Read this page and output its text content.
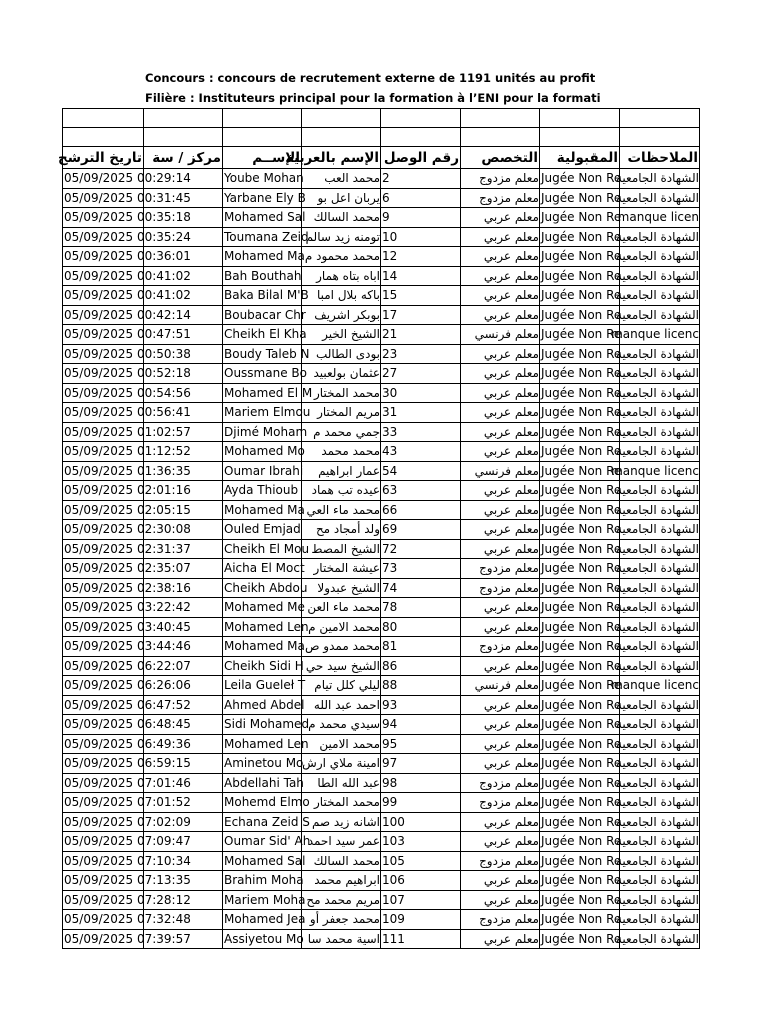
Concours : concours de recrutement externe de 1191 unités au profit
Filière : Instituteurs principal pour la formation à l’ENI pour la formati

تاريخ الترشح	مركز / سة	الإســم	الإسم بالعربية	رقم الوصل	التخصص	المقبولية	الملاحظات
05/09/2025 00:29:14		Yoube Mohan	محمد العب	2	معلم مزدوج	Jugée Non Re	الشهادة الجامعية
05/09/2025 00:31:45		Yarbane Ely B	يربان اعل بو	6	معلم مزدوج	Jugée Non Re	الشهادة الجامعية
05/09/2025 00:35:18		Mohamed Sal	محمد السالك	9	معلم عربي	Jugée Non Re	manque licen
05/09/2025 00:35:24		Toumana Zeid	تومنه زيد سالم	10	معلم عربي	Jugée Non Re	الشهادة الجامعية
05/09/2025 00:36:01		Mohamed Ma	محمد محمود م	12	معلم عربي	Jugée Non Re	الشهادة الجامعية
05/09/2025 00:41:02		Bah Bouthah	اباه بتاه همار	14	معلم عربي	Jugée Non Re	الشهادة الجامعية
05/09/2025 00:41:02		Baka Bilal M'B	باكه بلال امبا	15	معلم عربي	Jugée Non Re	الشهادة الجامعية
05/09/2025 00:42:14		Boubacar Chr	بوبكر اشريف	17	معلم عربي	Jugée Non Re	الشهادة الجامعية
05/09/2025 00:47:51		Cheikh El Kha	الشيخ الخير	21	معلم فرنسي	Jugée Non Re	manque licenc
05/09/2025 00:50:38		Boudy Taleb N	بودى الطالب	23	معلم عربي	Jugée Non Re	الشهادة الجامعية
05/09/2025 00:52:18		Oussmane Bo	عثمان بولعبيد	27	معلم عربي	Jugée Non Re	الشهادة الجامعية
05/09/2025 00:54:56		Mohamed El M	محمد المختار	30	معلم عربي	Jugée Non Re	الشهادة الجامعية
05/09/2025 00:56:41		Mariem Elmou	مريم المختار	31	معلم عربي	Jugée Non Re	الشهادة الجامعية
05/09/2025 01:02:57		Djimé Moham	جمي محمد م	33	معلم عربي	Jugée Non Re	الشهادة الجامعية
05/09/2025 01:12:52		Mohamed Mo	محمد محمد	43	معلم عربي	Jugée Non Re	الشهادة الجامعية
05/09/2025 01:36:35		Oumar Ibrahi	عمار ابراهيم	54	معلم فرنسي	Jugée Non Re	manque licenc
05/09/2025 02:01:16		Ayda Thioub	عيده تب هماد	63	معلم عربي	Jugée Non Re	الشهادة الجامعية
05/09/2025 02:05:15		Mohamed Ma	محمد ماء العي	66	معلم عربي	Jugée Non Re	الشهادة الجامعية
05/09/2025 02:30:08		Ouled Emjad	ولد أمجاد مح	69	معلم عربي	Jugée Non Re	الشهادة الجامعية
05/09/2025 02:31:37		Cheikh El Mou	الشيخ المصط	72	معلم عربي	Jugée Non Re	الشهادة الجامعية
05/09/2025 02:35:07		Aicha El Moct	عيشة المختار	73	معلم مزدوج	Jugée Non Re	الشهادة الجامعية
05/09/2025 02:38:16		Cheikh Abdou	الشيخ عبدولا	74	معلم مزدوج	Jugée Non Re	الشهادة الجامعية
05/09/2025 03:22:42		Mohamed Me	محمد ماء العن	78	معلم عربي	Jugée Non Re	الشهادة الجامعية
05/09/2025 03:40:45		Mohamed Len	محمد الامين م	80	معلم عربي	Jugée Non Re	الشهادة الجامعية
05/09/2025 03:44:46		Mohamed Ma	محمد ممدو ص	81	معلم مزدوج	Jugée Non Re	الشهادة الجامعية
05/09/2025 06:22:07		Cheikh Sidi H	الشيخ سيد حي	86	معلم عربي	Jugée Non Re	الشهادة الجامعية
05/09/2025 06:26:06		Leila Gueleł T	ليلي كلل تيام	88	معلم فرنسي	Jugée Non Re	manque licenc
05/09/2025 06:47:52		Ahmed Abdel	احمد عبد الله	93	معلم عربي	Jugée Non Re	الشهادة الجامعية
05/09/2025 06:48:45		Sidi Mohamed	سيدي محمد م	94	معلم عربي	Jugée Non Re	الشهادة الجامعية
05/09/2025 06:49:36		Mohamed Len	محمد الامين	95	معلم عربي	Jugée Non Re	الشهادة الجامعية
05/09/2025 06:59:15		Aminetou Mo	امينة ملاي ارش	97	معلم عربي	Jugée Non Re	الشهادة الجامعية
05/09/2025 07:01:46		Abdellahi Tah	عبد الله الطا	98	معلم مزدوج	Jugée Non Re	الشهادة الجامعية
05/09/2025 07:01:52		Mohemd Elmo	محمد المختار	99	معلم مزدوج	Jugée Non Re	الشهادة الجامعية
05/09/2025 07:02:09		Echana Zeid S	اشانه زيد صم	100	معلم عربي	Jugée Non Re	الشهادة الجامعية
05/09/2025 07:09:47		Oumar Sid' Ah	عمر سيد احمد	103	معلم عربي	Jugée Non Re	الشهادة الجامعية
05/09/2025 07:10:34		Mohamed Sal	محمد السالك	105	معلم مزدوج	Jugée Non Re	الشهادة الجامعية
05/09/2025 07:13:35		Brahim Moha	ابراهيم محمد	106	معلم عربي	Jugée Non Re	الشهادة الجامعية
05/09/2025 07:28:12		Mariem Moha	مريم محمد مح	107	معلم عربي	Jugée Non Re	الشهادة الجامعية
05/09/2025 07:32:48		Mohamed Jea	محمد جعفر أو	109	معلم مزدوج	Jugée Non Re	الشهادة الجامعية
05/09/2025 07:39:57		Assiyetou Mo	اسية محمد سا	111	معلم عربي	Jugée Non Re	الشهادة الجامعية
